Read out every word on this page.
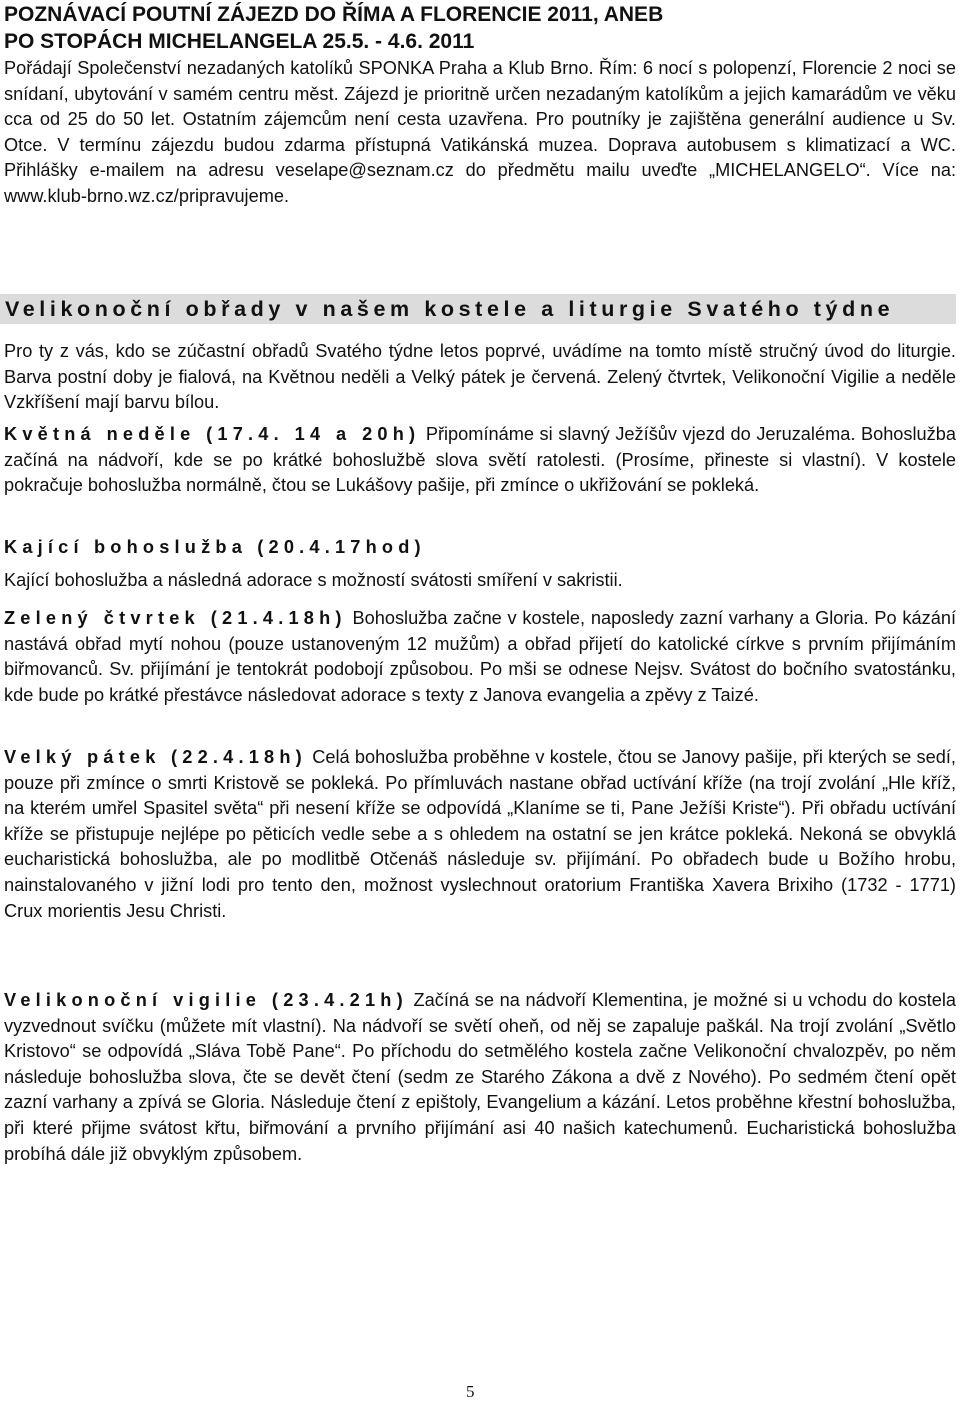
POZNÁVACÍ POUTNÍ ZÁJEZD DO ŘÍMA A FLORENCIE 2011, ANEB
PO STOPÁCH MICHELANGELA 25.5. - 4.6. 2011

Pořádají Společenství nezadaných katolíků SPONKA Praha a Klub Brno. Řím: 6 nocí s polopenzí, Florencie 2 noci se snídaní, ubytování v samém centru měst. Zájezd je prioritně určen nezadaným katolíkům a jejich kamarádům ve věku cca od 25 do 50 let. Ostatním zájemcům není cesta uzavřena. Pro poutníky je zajištěna generální audience u Sv. Otce. V termínu zájezdu budou zdarma přístupná Vatikánská muzea. Doprava autobusem s klimatizací a WC. Přihlášky e-mailem na adresu veselape@seznam.cz do předmětu mailu uveďte „MICHELANGELO“. Více na: www.klub-brno.wz.cz/pripravujeme.

Velikonoční obřady v našem kostele a liturgie Svatého týdne

Pro ty z vás, kdo se zúčastní obřadů Svatého týdne letos poprvé, uvádíme na tomto místě stručný úvod do liturgie. Barva postní doby je fialová, na Květnou neděli a Velký pátek je červená. Zelený čtvrtek, Velikonoční Vigilie a neděle Vzkříšení mají barvu bílou.

Květná neděle (17.4. 14 a 20h) Připomínáme si slavný Ježíšův vjezd do Jeruzaléma. Bohoslužba začíná na nádvoří, kde se po krátké bohoslužbě slova světí ratolesti. (Prosíme, přineste si vlastní). V kostele pokračuje bohoslužba normálně, čtou se Lukášovy pašije, při zmínce o ukřižování se pokleká.

Kající bohoslužba (20.4.17hod)

Kající bohoslužba a následná adorace s možností svátosti smíření v sakristii.

Zelený čtvrtek (21.4.18h) Bohoslužba začne v kostele, naposledy zazní varhany a Gloria. Po kázání nastává obřad mytí nohou (pouze ustanoveným 12 mužům) a obřad přijetí do katolické církve s prvním přijímáním biřmovanců. Sv. přijímání je tentokrát podobojí způsobou. Po mši se odnese Nejsv. Svátost do bočního svatostánku, kde bude po krátké přestávce následovat adorace s texty z Janova evangelia a zpěvy z Taizé.

Velký pátek (22.4.18h) Celá bohoslužba proběhne v kostele, čtou se Janovy pašije, při kterých se sedí, pouze při zmínce o smrti Kristově se pokleká. Po přímluvách nastane obřad uctívání kříže (na trojí zvolání „Hle kříž, na kterém umřel Spasitel světa“ při nesení kříže se odpovídá „Klaníme se ti, Pane Ježíši Kriste“). Při obřadu uctívání kříže se přistupuje nejlépe po pěticích vedle sebe a s ohledem na ostatní se jen krátce pokleká. Nekoná se obvyklá eucharistická bohoslužba, ale po modlitbě Otčenáš následuje sv. přijímání. Po obřadech bude u Božího hrobu, nainstalovaného v jižní lodi pro tento den, možnost vyslechnout oratorium Františka Xavera Brixiho (1732 - 1771) Crux morientis Jesu Christi.

Velikonoční vigilie (23.4.21h) Začíná se na nádvoří Klementina, je možné si u vchodu do kostela vyzvednout svíčku (můžete mít vlastní). Na nádvoří se světí oheň, od něj se zapaluje paškál. Na trojí zvolání „Světlo Kristovo“ se odpovídá „Sláva Tobě Pane“. Po příchodu do setmělého kostela začne Velikonoční chvalozpěv, po něm následuje bohoslužba slova, čte se devět čtení (sedm ze Starého Zákona a dvě z Nového). Po sedmém čtení opět zazní varhany a zpívá se Gloria. Následuje čtení z epištoly, Evangelium a kázání. Letos proběhne křestní bohoslužba, při které přijme svátost křtu, biřmování a prvního přijímání asi 40 našich katechumenů. Eucharistická bohoslužba probíhá dále již obvyklým způsobem.

5
